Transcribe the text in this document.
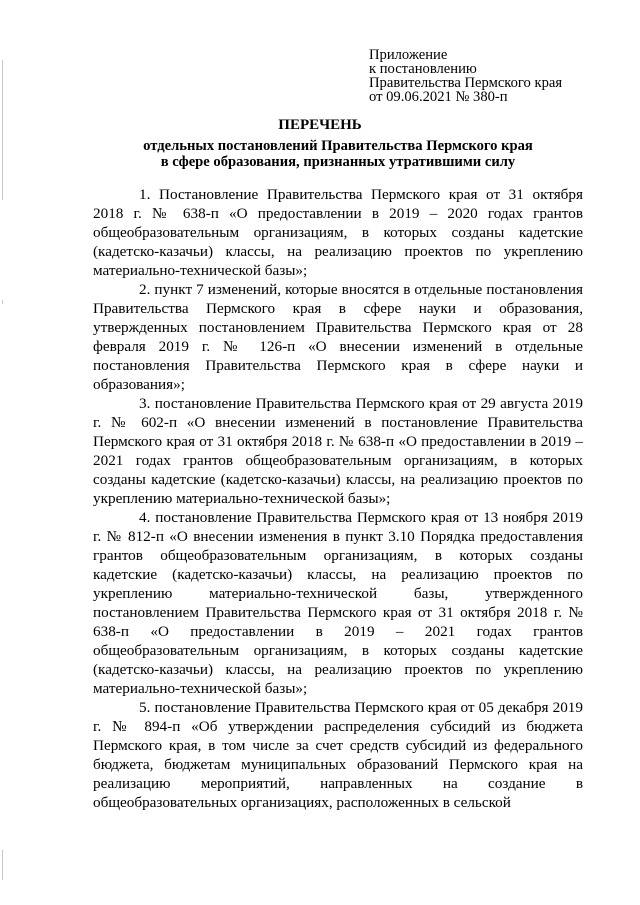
Приложение
к постановлению
Правительства Пермского края
от 09.06.2021 № 380-п
ПЕРЕЧЕНЬ
отдельных постановлений Правительства Пермского края
в сфере образования, признанных утратившими силу

1. Постановление Правительства Пермского края от 31 октября 2018 г. № 638-п «О предоставлении в 2019 – 2020 годах грантов общеобразовательным организациям, в которых созданы кадетские (кадетско-казачьи) классы, на реализацию проектов по укреплению материально-технической базы»;

2. пункт 7 изменений, которые вносятся в отдельные постановления Правительства Пермского края в сфере науки и образования, утвержденных постановлением Правительства Пермского края от 28 февраля 2019 г. № 126-п «О внесении изменений в отдельные постановления Правительства Пермского края в сфере науки и образования»;

3. постановление Правительства Пермского края от 29 августа 2019 г. № 602-п «О внесении изменений в постановление Правительства Пермского края от 31 октября 2018 г. № 638-п «О предоставлении в 2019 – 2021 годах грантов общеобразовательным организациям, в которых созданы кадетские (кадетско-казачьи) классы, на реализацию проектов по укреплению материально-технической базы»;

4. постановление Правительства Пермского края от 13 ноября 2019 г. № 812-п «О внесении изменения в пункт 3.10 Порядка предоставления грантов общеобразовательным организациям, в которых созданы кадетские (кадетско-казачьи) классы, на реализацию проектов по укреплению материально-технической базы, утвержденного постановлением Правительства Пермского края от 31 октября 2018 г. № 638-п «О предоставлении в 2019 – 2021 годах грантов общеобразовательным организациям, в которых созданы кадетские (кадетско-казачьи) классы, на реализацию проектов по укреплению материально-технической базы»;

5. постановление Правительства Пермского края от 05 декабря 2019 г. № 894-п «Об утверждении распределения субсидий из бюджета Пермского края, в том числе за счет средств субсидий из федерального бюджета, бюджетам муниципальных образований Пермского края на реализацию мероприятий, направленных на создание в общеобразовательных организациях, расположенных в сельской
